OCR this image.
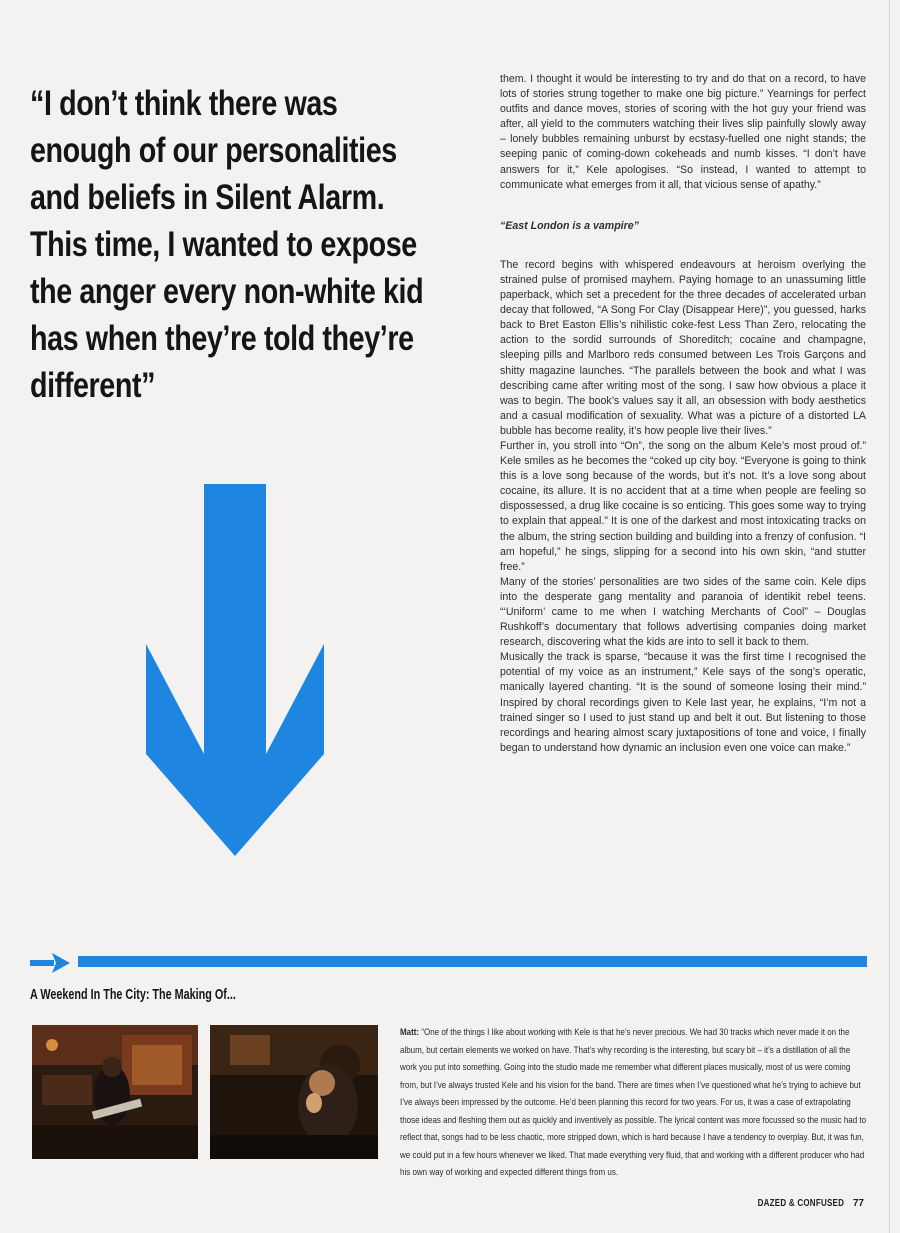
“I don’t think there was enough of our personalities and beliefs in Silent Alarm. This time, I wanted to expose the anger every non-white kid has when they’re told they’re different”

them. I thought it would be interesting to try and do that on a record, to have lots of stories strung together to make one big picture.” Yearnings for perfect outfits and dance moves, stories of scoring with the hot guy your friend was after, all yield to the commuters watching their lives slip painfully slowly away – lonely bubbles remaining unburst by ecstasy-fuelled one night stands; the seeping panic of coming-down cokeheads and numb kisses. “I don’t have answers for it,” Kele apologises. “So instead, I wanted to attempt to communicate what emerges from it all, that vicious sense of apathy.”

“East London is a vampire”

The record begins with whispered endeavours at heroism overlying the strained pulse of promised mayhem. Paying homage to an unassuming little paperback, which set a precedent for the three decades of accelerated urban decay that followed, “A Song For Clay (Disappear Here)”, you guessed, harks back to Bret Easton Ellis’s nihilistic coke-fest Less Than Zero, relocating the action to the sordid surrounds of Shoreditch; cocaine and champagne, sleeping pills and Marlboro reds consumed between Les Trois Garçons and shitty magazine launches. “The parallels between the book and what I was describing came after writing most of the song. I saw how obvious a place it was to begin. The book’s values say it all, an obsession with body aesthetics and a casual modification of sexuality. What was a picture of a distorted LA bubble has become reality, it’s how people live their lives.”

Further in, you stroll into “On”, the song on the album Kele’s most proud of.” Kele smiles as he becomes the “coked up city boy. “Everyone is going to think this is a love song because of the words, but it’s not. It’s a love song about cocaine, its allure. It is no accident that at a time when people are feeling so dispossessed, a drug like cocaine is so enticing. This goes some way to trying to explain that appeal.” It is one of the darkest and most intoxicating tracks on the album, the string section building and building into a frenzy of confusion. “I am hopeful,” he sings, slipping for a second into his own skin, “and stutter free.”

Many of the stories’ personalities are two sides of the same coin. Kele dips into the desperate gang mentality and paranoia of identikit rebel teens. “‘Uniform’ came to me when I watching Merchants of Cool” – Douglas Rushkoff’s documentary that follows advertising companies doing market research, discovering what the kids are into to sell it back to them.

Musically the track is sparse, “because it was the first time I recognised the potential of my voice as an instrument,” Kele says of the song’s operatic, manically layered chanting. “It is the sound of someone losing their mind.” Inspired by choral recordings given to Kele last year, he explains, “I’m not a trained singer so I used to just stand up and belt it out. But listening to those recordings and hearing almost scary juxtapositions of tone and voice, I finally began to understand how dynamic an inclusion even one voice can make.”

A Weekend In The City: The Making Of...
Matt: “One of the things I like about working with Kele is that he’s never precious. We had 30 tracks which never made it on the album, but certain elements we worked on have. That’s why recording is the interesting, but scary bit – it’s a distillation of all the work you put into something. Going into the studio made me remember what different places musically, most of us were coming from, but I’ve always trusted Kele and his vision for the band. There are times when I’ve questioned what he’s trying to achieve but I’ve always been impressed by the outcome. He’d been planning this record for two years. For us, it was a case of extrapolating those ideas and fleshing them out as quickly and inventively as possible. The lyrical content was more focussed so the music had to reflect that, songs had to be less chaotic, more stripped down, which is hard because I have a tendency to overplay. But, it was fun, we could put in a few hours whenever we liked. That made everything very fluid, that and working with a different producer who had his own way of working and expected different things from us.
DAZED & CONFUSED 77
